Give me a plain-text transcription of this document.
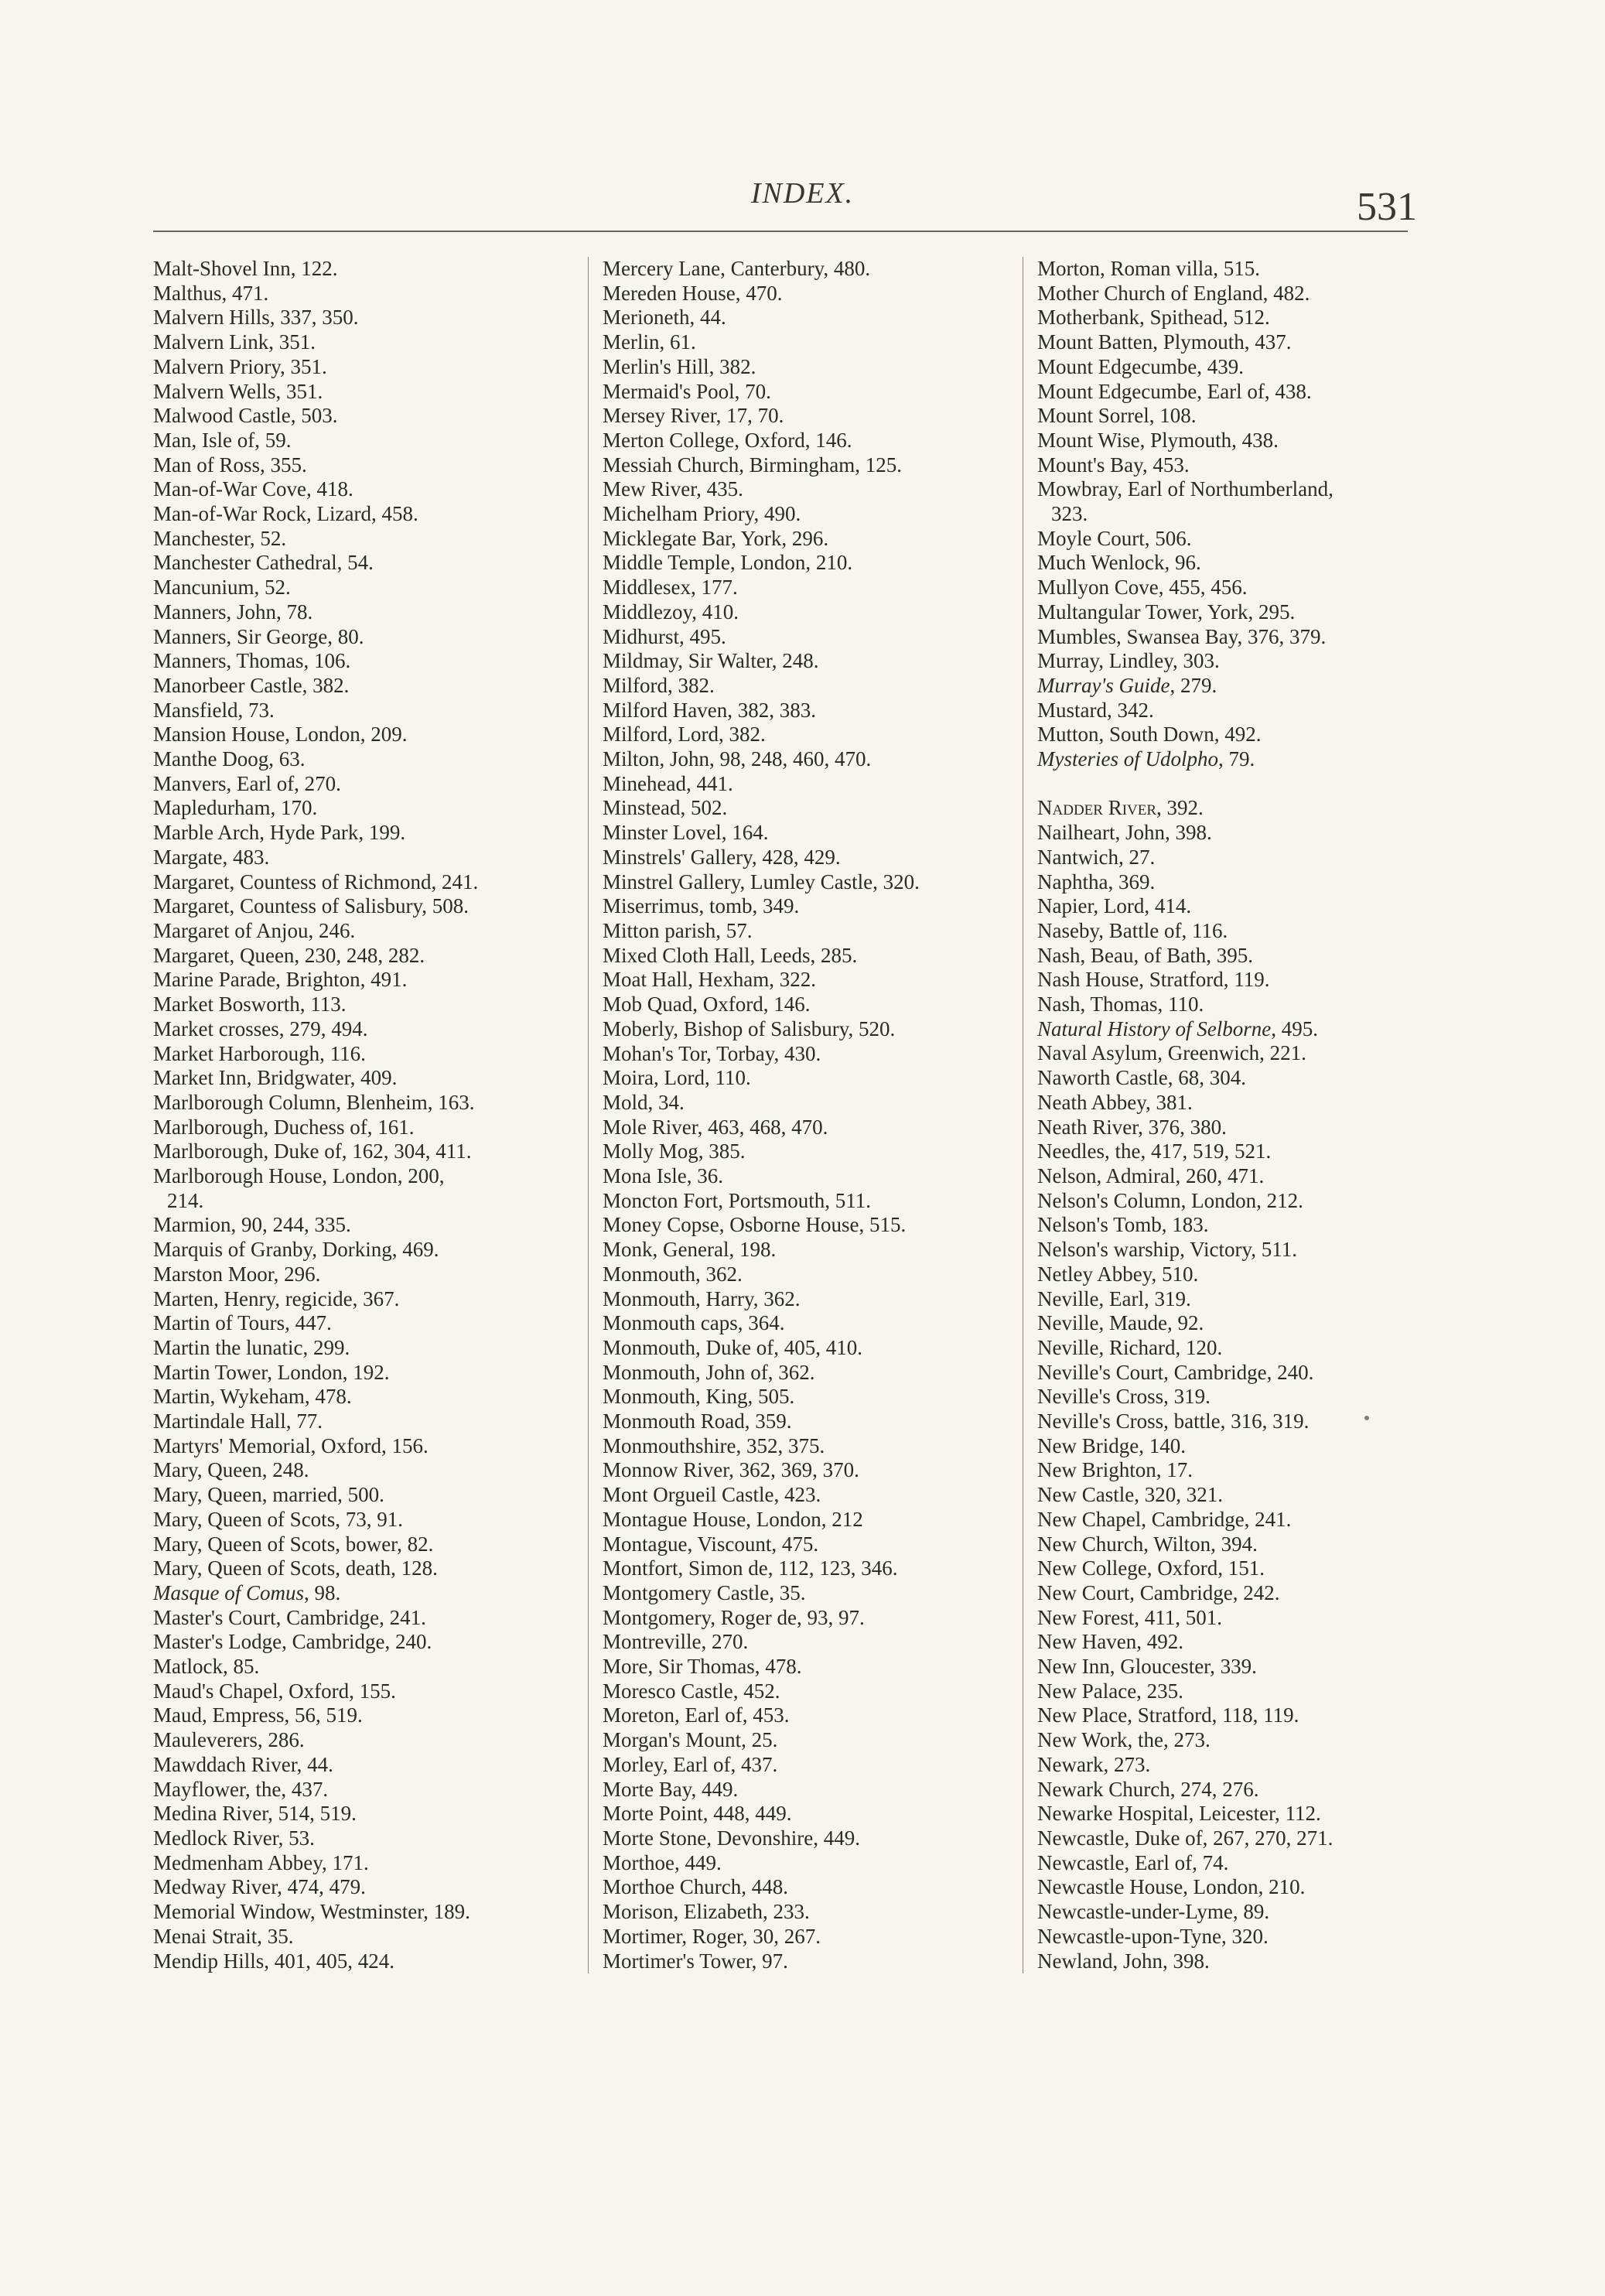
INDEX.	531
Malt-Shovel Inn, 122.
Malthus, 471.
Malvern Hills, 337, 350.
Malvern Link, 351.
Malvern Priory, 351.
Malvern Wells, 351.
Malwood Castle, 503.
Man, Isle of, 59.
Man of Ross, 355.
Man-of-War Cove, 418.
Man-of-War Rock, Lizard, 458.
Manchester, 52.
Manchester Cathedral, 54.
Mancunium, 52.
Manners, John, 78.
Manners, Sir George, 80.
Manners, Thomas, 106.
Manorbeer Castle, 382.
Mansfield, 73.
Mansion House, London, 209.
Manthe Doog, 63.
Manvers, Earl of, 270.
Mapledurham, 170.
Marble Arch, Hyde Park, 199.
Margate, 483.
Margaret, Countess of Richmond, 241.
Margaret, Countess of Salisbury, 508.
Margaret of Anjou, 246.
Margaret, Queen, 230, 248, 282.
Marine Parade, Brighton, 491.
Market Bosworth, 113.
Market crosses, 279, 494.
Market Harborough, 116.
Market Inn, Bridgwater, 409.
Marlborough Column, Blenheim, 163.
Marlborough, Duchess of, 161.
Marlborough, Duke of, 162, 304, 411.
Marlborough House, London, 200,
214.
Marmion, 90, 244, 335.
Marquis of Granby, Dorking, 469.
Marston Moor, 296.
Marten, Henry, regicide, 367.
Martin of Tours, 447.
Martin the lunatic, 299.
Martin Tower, London, 192.
Martin, Wykeham, 478.
Martindale Hall, 77.
Martyrs' Memorial, Oxford, 156.
Mary, Queen, 248.
Mary, Queen, married, 500.
Mary, Queen of Scots, 73, 91.
Mary, Queen of Scots, bower, 82.
Mary, Queen of Scots, death, 128.
Masque of Comus, 98.
Master's Court, Cambridge, 241.
Master's Lodge, Cambridge, 240.
Matlock, 85.
Maud's Chapel, Oxford, 155.
Maud, Empress, 56, 519.
Mauleverers, 286.
Mawddach River, 44.
Mayflower, the, 437.
Medina River, 514, 519.
Medlock River, 53.
Medmenham Abbey, 171.
Medway River, 474, 479.
Memorial Window, Westminster, 189.
Menai Strait, 35.
Mendip Hills, 401, 405, 424.
Mercery Lane, Canterbury, 480.
Mereden House, 470.
Merioneth, 44.
Merlin, 61.
Merlin's Hill, 382.
Mermaid's Pool, 70.
Mersey River, 17, 70.
Merton College, Oxford, 146.
Messiah Church, Birmingham, 125.
Mew River, 435.
Michelham Priory, 490.
Micklegate Bar, York, 296.
Middle Temple, London, 210.
Middlesex, 177.
Middlezoy, 410.
Midhurst, 495.
Mildmay, Sir Walter, 248.
Milford, 382.
Milford Haven, 382, 383.
Milford, Lord, 382.
Milton, John, 98, 248, 460, 470.
Minehead, 441.
Minstead, 502.
Minster Lovel, 164.
Minstrels' Gallery, 428, 429.
Minstrel Gallery, Lumley Castle, 320.
Miserrimus, tomb, 349.
Mitton parish, 57.
Mixed Cloth Hall, Leeds, 285.
Moat Hall, Hexham, 322.
Mob Quad, Oxford, 146.
Moberly, Bishop of Salisbury, 520.
Mohan's Tor, Torbay, 430.
Moira, Lord, 110.
Mold, 34.
Mole River, 463, 468, 470.
Molly Mog, 385.
Mona Isle, 36.
Moncton Fort, Portsmouth, 511.
Money Copse, Osborne House, 515.
Monk, General, 198.
Monmouth, 362.
Monmouth, Harry, 362.
Monmouth caps, 364.
Monmouth, Duke of, 405, 410.
Monmouth, John of, 362.
Monmouth, King, 505.
Monmouth Road, 359.
Monmouthshire, 352, 375.
Monnow River, 362, 369, 370.
Mont Orgueil Castle, 423.
Montague House, London, 212
Montague, Viscount, 475.
Montfort, Simon de, 112, 123, 346.
Montgomery Castle, 35.
Montgomery, Roger de, 93, 97.
Montreville, 270.
More, Sir Thomas, 478.
Moresco Castle, 452.
Moreton, Earl of, 453.
Morgan's Mount, 25.
Morley, Earl of, 437.
Morte Bay, 449.
Morte Point, 448, 449.
Morte Stone, Devonshire, 449.
Morthoe, 449.
Morthoe Church, 448.
Morison, Elizabeth, 233.
Mortimer, Roger, 30, 267.
Mortimer's Tower, 97.
Morton, Roman villa, 515.
Mother Church of England, 482.
Motherbank, Spithead, 512.
Mount Batten, Plymouth, 437.
Mount Edgecumbe, 439.
Mount Edgecumbe, Earl of, 438.
Mount Sorrel, 108.
Mount Wise, Plymouth, 438.
Mount's Bay, 453.
Mowbray, Earl of Northumberland,
323.
Moyle Court, 506.
Much Wenlock, 96.
Mullyon Cove, 455, 456.
Multangular Tower, York, 295.
Mumbles, Swansea Bay, 376, 379.
Murray, Lindley, 303.
Murray's Guide, 279.
Mustard, 342.
Mutton, South Down, 492.
Mysteries of Udolpho, 79.
Nadder River, 392.
Nailheart, John, 398.
Nantwich, 27.
Naphtha, 369.
Napier, Lord, 414.
Naseby, Battle of, 116.
Nash, Beau, of Bath, 395.
Nash House, Stratford, 119.
Nash, Thomas, 110.
Natural History of Selborne, 495.
Naval Asylum, Greenwich, 221.
Naworth Castle, 68, 304.
Neath Abbey, 381.
Neath River, 376, 380.
Needles, the, 417, 519, 521.
Nelson, Admiral, 260, 471.
Nelson's Column, London, 212.
Nelson's Tomb, 183.
Nelson's warship, Victory, 511.
Netley Abbey, 510.
Neville, Earl, 319.
Neville, Maude, 92.
Neville, Richard, 120.
Neville's Court, Cambridge, 240.
Neville's Cross, 319.
Neville's Cross, battle, 316, 319.
New Bridge, 140.
New Brighton, 17.
New Castle, 320, 321.
New Chapel, Cambridge, 241.
New Church, Wilton, 394.
New College, Oxford, 151.
New Court, Cambridge, 242.
New Forest, 411, 501.
New Haven, 492.
New Inn, Gloucester, 339.
New Palace, 235.
New Place, Stratford, 118, 119.
New Work, the, 273.
Newark, 273.
Newark Church, 274, 276.
Newarke Hospital, Leicester, 112.
Newcastle, Duke of, 267, 270, 271.
Newcastle, Earl of, 74.
Newcastle House, London, 210.
Newcastle-under-Lyme, 89.
Newcastle-upon-Tyne, 320.
Newland, John, 398.
